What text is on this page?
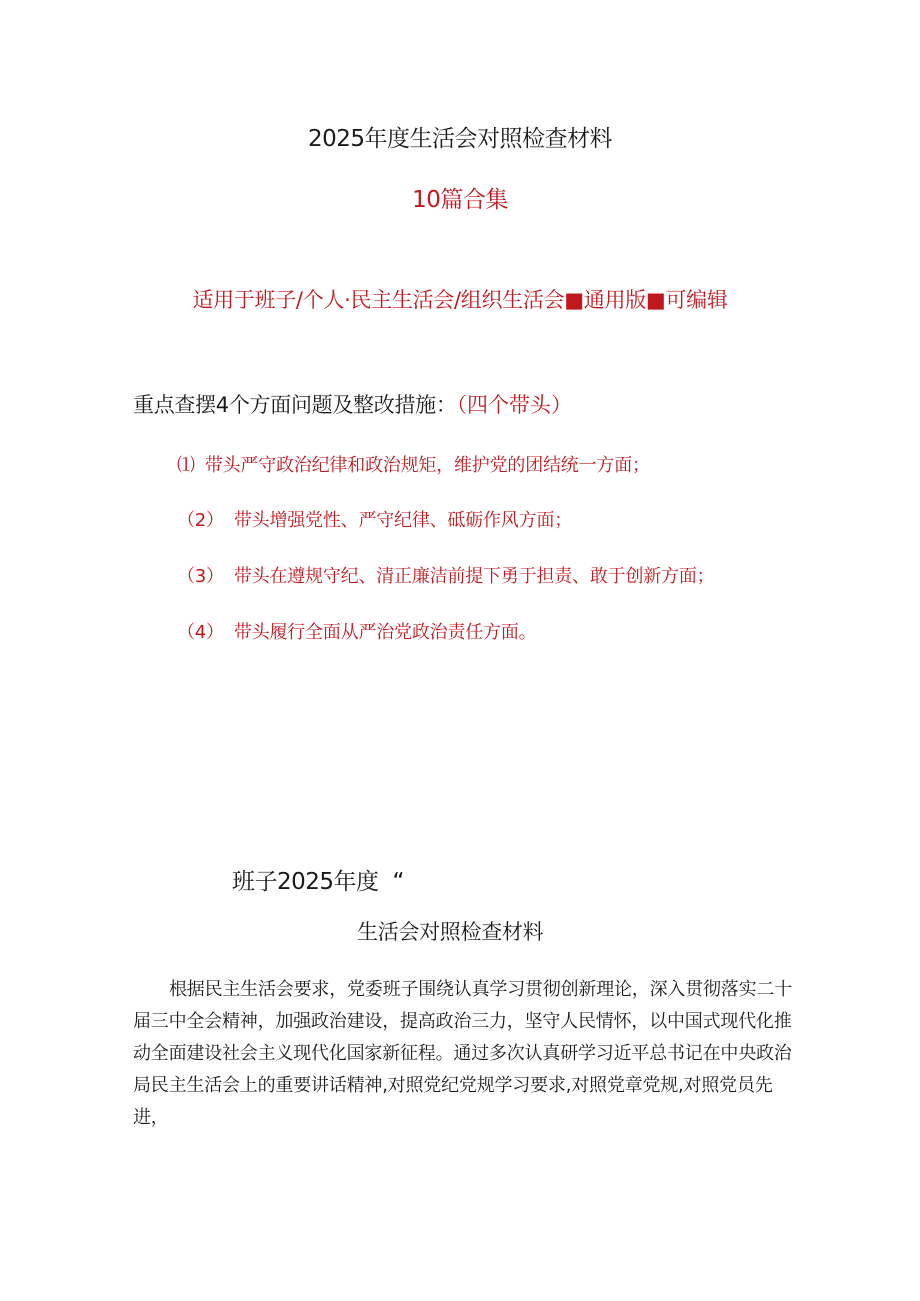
2025年度生活会对照检查材料
10篇合集
适用于班子/个人·民主生活会/组织生活会■通用版■可编辑
重点查摆4个方面问题及整改措施：（四个带头）
⑴ 带头严守政治纪律和政治规矩，维护党的团结统一方面；
（2） 带头增强党性、严守纪律、砥砺作风方面；
（3） 带头在遵规守纪、清正廉洁前提下勇于担责、敢于创新方面；
（4） 带头履行全面从严治党政治责任方面。
班子2025年度 “
生活会对照检查材料
根据民主生活会要求，党委班子围绕认真学习贯彻创新理论，深入贯彻落实二十届三中全会精神，加强政治建设，提高政治三力，坚守人民情怀，以中国式现代化推动全面建设社会主义现代化国家新征程。通过多次认真研学习近平总书记在中央政治局民主生活会上的重要讲话精神,对照党纪党规学习要求,对照党章党规,对照党员先进，
